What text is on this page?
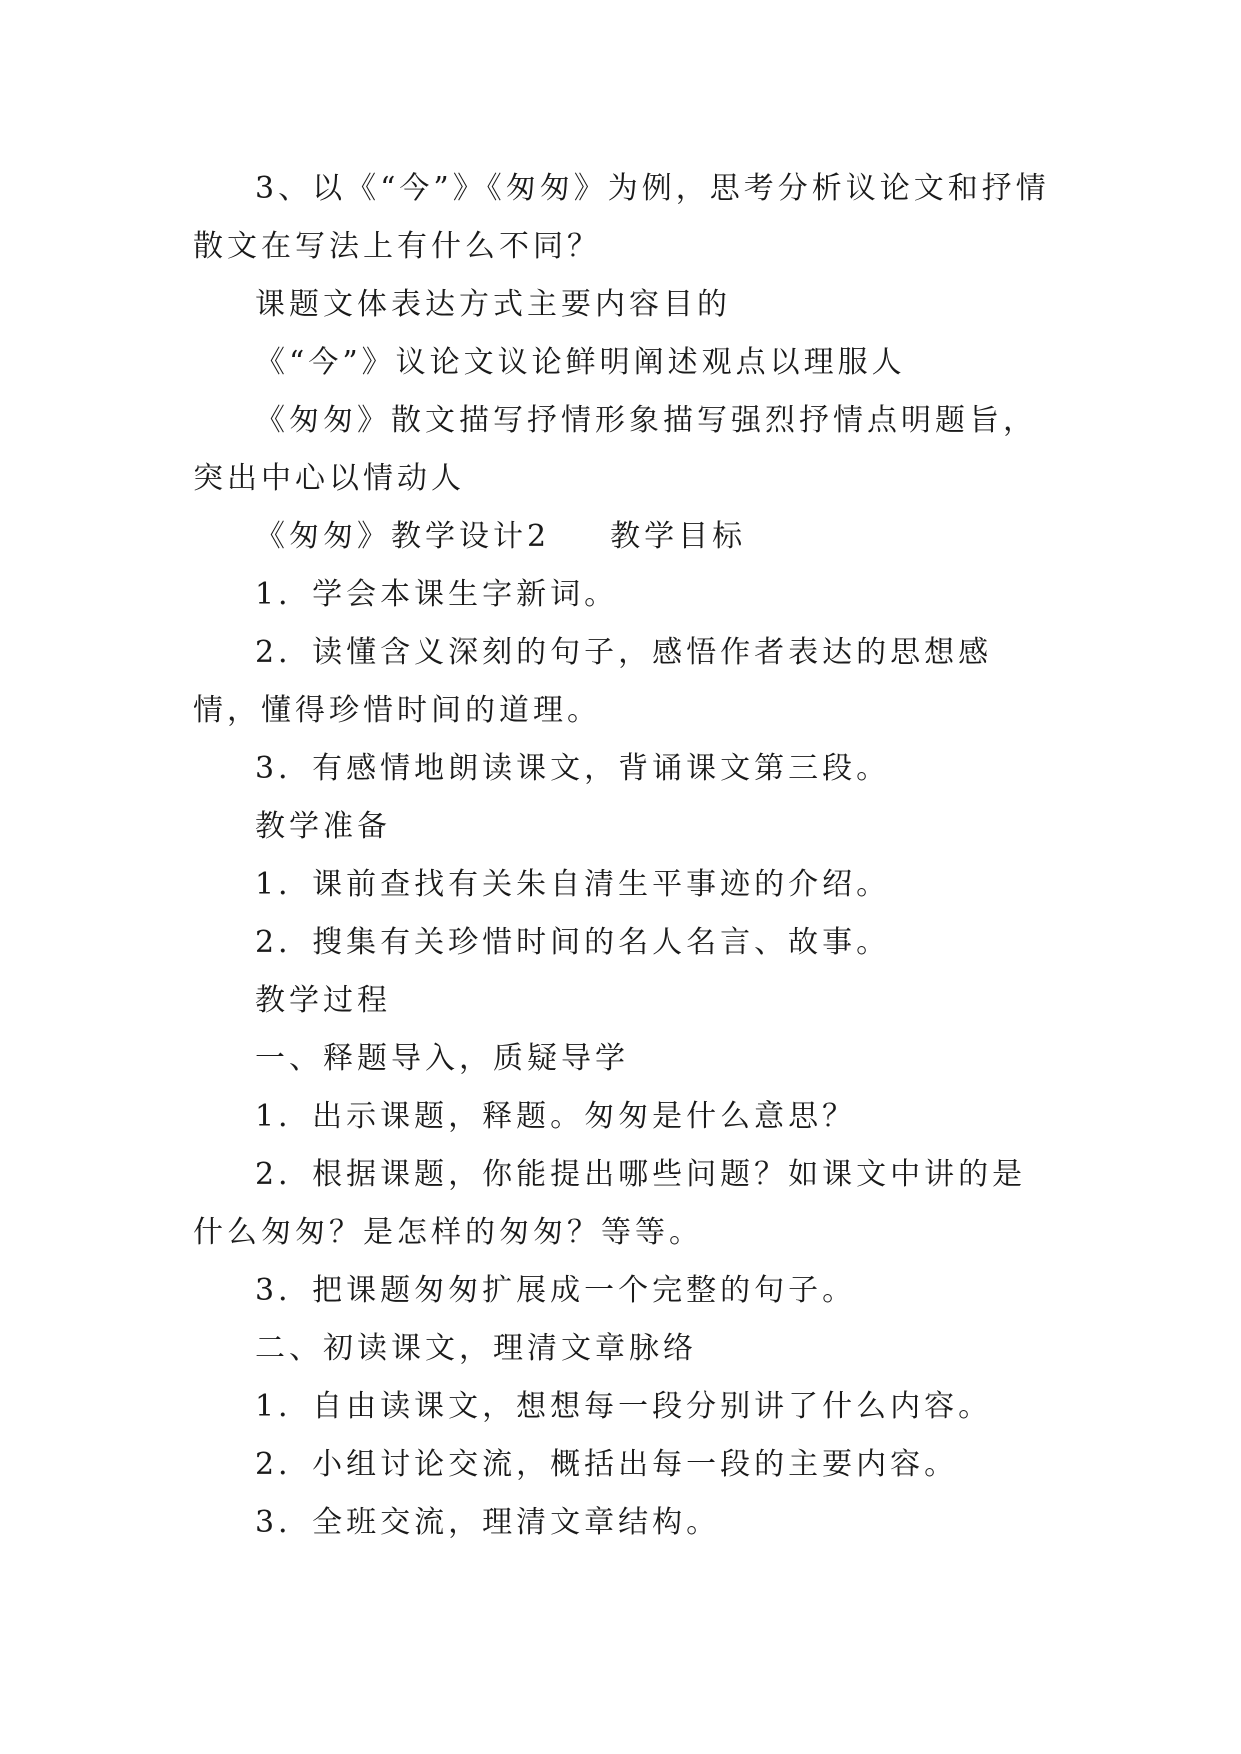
3、以《“今”》《匆匆》为例，思考分析议论文和抒情散文在写法上有什么不同？

课题文体表达方式主要内容目的

《“今”》议论文议论鲜明阐述观点以理服人

《匆匆》散文描写抒情形象描写强烈抒情点明题旨，突出中心以情动人

《匆匆》教学设计2 教学目标

1．学会本课生字新词。

2．读懂含义深刻的句子，感悟作者表达的思想感情，懂得珍惜时间的道理。

3．有感情地朗读课文，背诵课文第三段。

教学准备

1．课前查找有关朱自清生平事迹的介绍。

2．搜集有关珍惜时间的名人名言、故事。

教学过程

一、释题导入，质疑导学

1．出示课题，释题。匆匆是什么意思？

2．根据课题，你能提出哪些问题？如课文中讲的是什么匆匆？是怎样的匆匆？等等。

3．把课题匆匆扩展成一个完整的句子。

二、初读课文，理清文章脉络

1．自由读课文，想想每一段分别讲了什么内容。

2．小组讨论交流，概括出每一段的主要内容。

3．全班交流，理清文章结构。
